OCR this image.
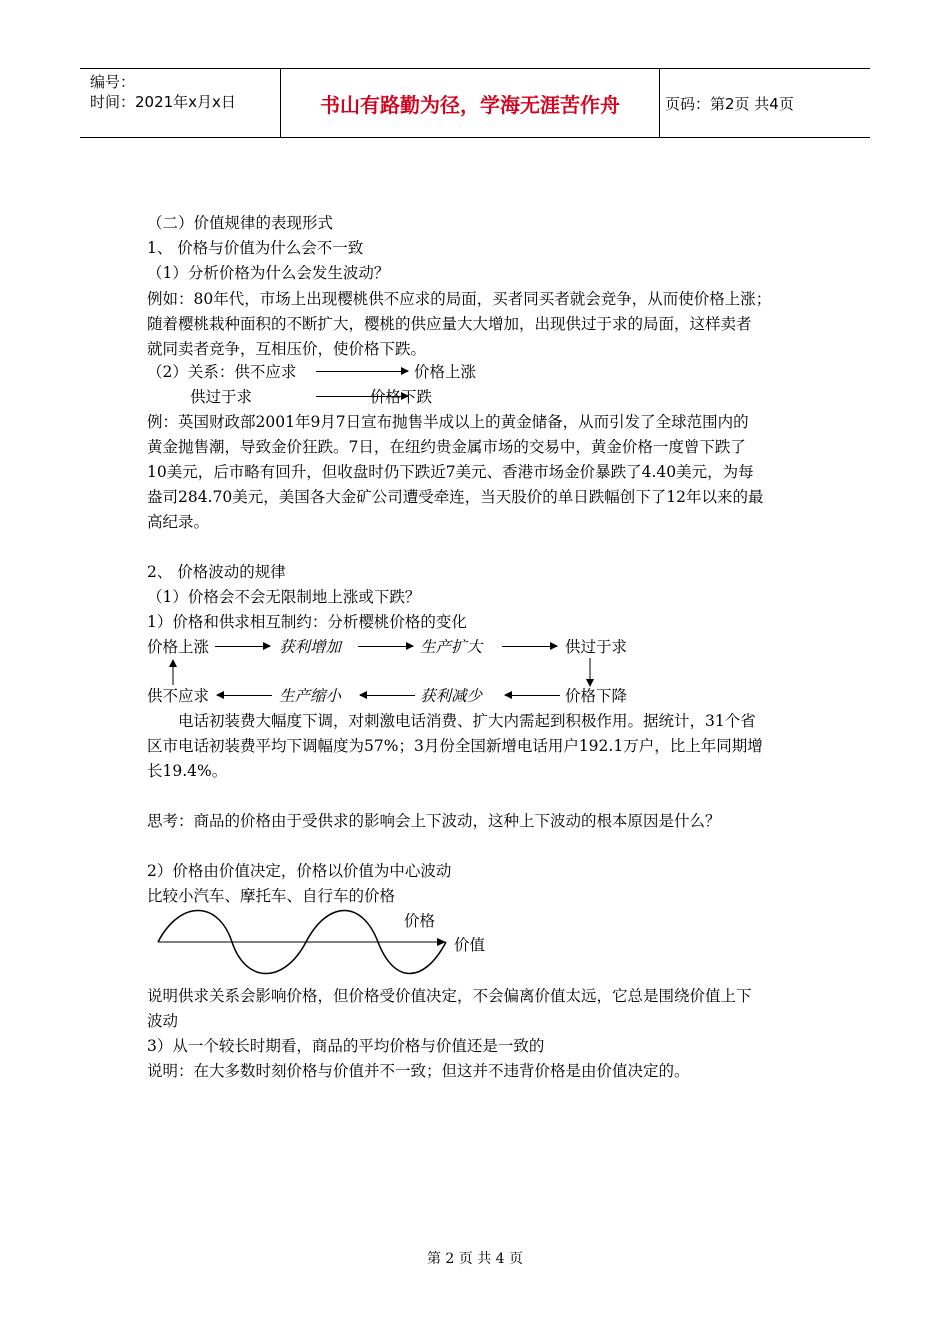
编号：
时间：2021年x月x日	书山有路勤为径，学海无涯苦作舟	页码：第2页 共4页
（二）价值规律的表现形式
1、 价格与价值为什么会不一致
（1）分析价格为什么会发生波动？
例如：80年代，市场上出现樱桃供不应求的局面，买者同买者就会竞争，从而使价格上涨；
随着樱桃栽种面积的不断扩大，樱桃的供应量大大增加，出现供过于求的局面，这样卖者
就同卖者竞争，互相压价，使价格下跌。
（2）关系：供不应求	价格上涨
供过于求	价格下跌
例：英国财政部2001年9月7日宣布抛售半成以上的黄金储备，从而引发了全球范围内的
黄金抛售潮，导致金价狂跌。7日，在纽约贵金属市场的交易中，黄金价格一度曾下跌了
10美元，后市略有回升，但收盘时仍下跌近7美元、香港市场金价暴跌了4.40美元，为每
盎司284.70美元，美国各大金矿公司遭受牵连，当天股价的单日跌幅创下了12年以来的最
高纪录。
2、 价格波动的规律
（1）价格会不会无限制地上涨或下跌？
1）价格和供求相互制约：分析樱桃价格的变化
价格上涨	获利增加	生产扩大	供过于求
供不应求	生产缩小	获利减少	价格下降
电话初装费大幅度下调，对刺激电话消费、扩大内需起到积极作用。据统计，31个省
区市电话初装费平均下调幅度为57%；3月份全国新增电话用户192.1万户，比上年同期增
长19.4%。
思考：商品的价格由于受供求的影响会上下波动，这种上下波动的根本原因是什么？
2）价格由价值决定，价格以价值为中心波动
比较小汽车、摩托车、自行车的价格
价格
价值
说明供求关系会影响价格，但价格受价值决定，不会偏离价值太远，它总是围绕价值上下
波动
3）从一个较长时期看，商品的平均价格与价值还是一致的
说明：在大多数时刻价格与价值并不一致；但这并不违背价格是由价值决定的。
第 2 页 共 4 页
